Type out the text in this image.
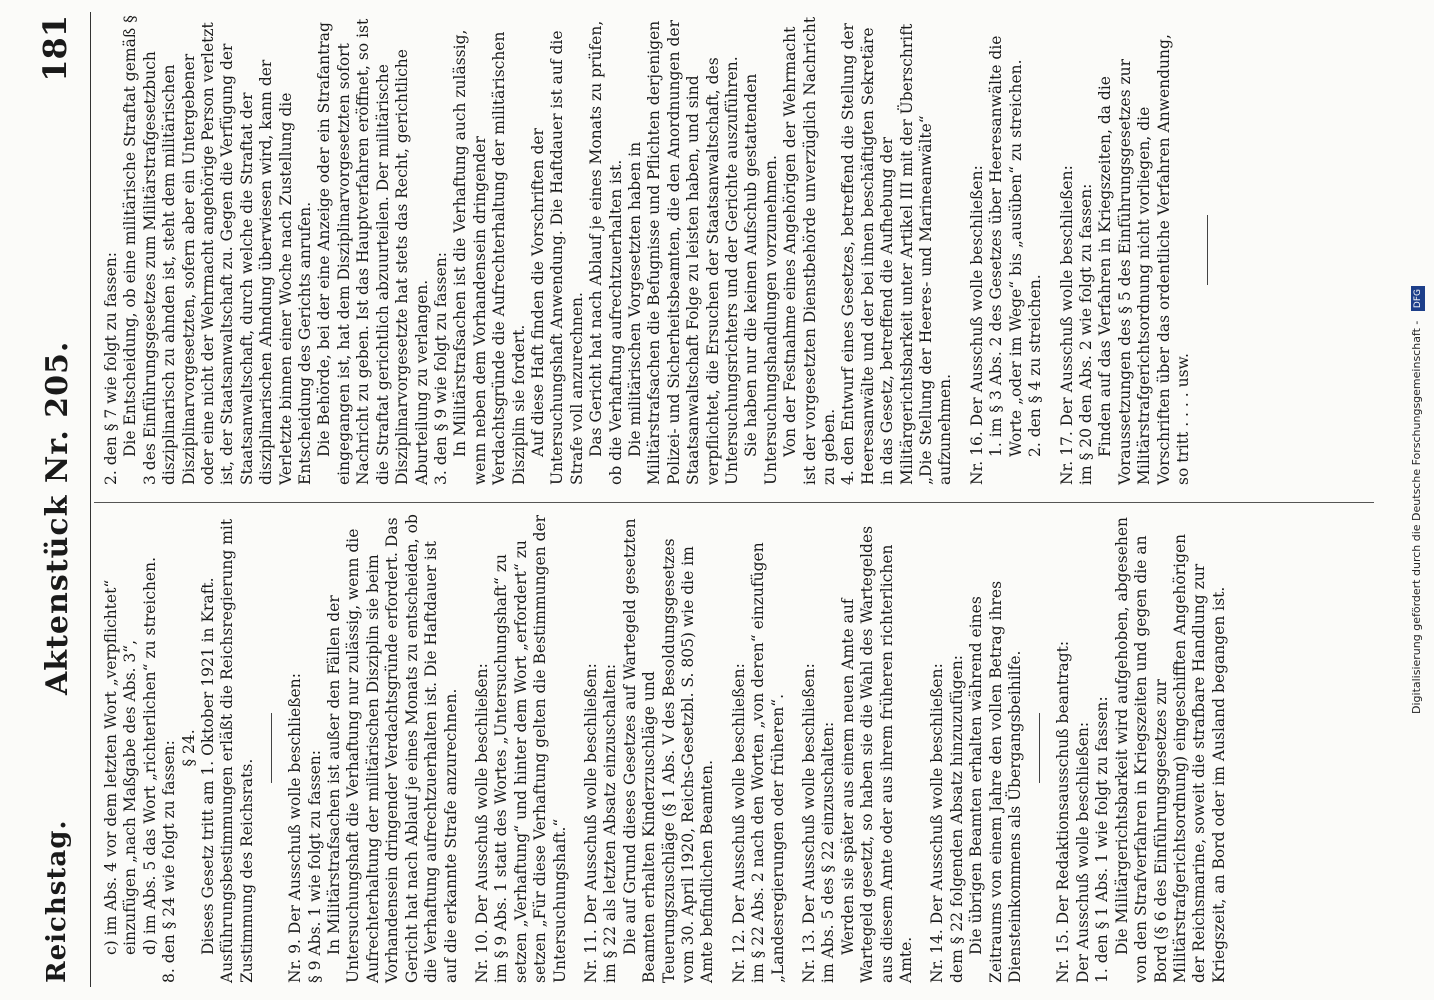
Reichstag.
Aktenstück Nr. 205.
181

c) im Abs. 4 vor dem letzten Wort „verpflichtet“ einzufügen „nach Maßgabe des Abs. 3“, d) im Abs. 5 das Wort „richterlichen“ zu streichen. 8. den § 24 wie folgt zu fassen: § 24. Dieses Gesetz tritt am 1. Oktober 1921 in Kraft. Ausführungsbestimmungen erläßt die Reichsregierung mit Zustimmung des Reichsrats. Nr. 9. Der Ausschuß wolle beschließen: § 9 Abs. 1 wie folgt zu fassen: In Militärstrafsachen ist außer den Fällen der Untersuchungshaft die Verhaftung nur zulässig, wenn die Aufrechterhaltung der militärischen Disziplin sie beim Vorhandensein dringender Verdachtsgründe erfordert. Das Gericht hat nach Ablauf je eines Monats zu entscheiden, ob die Verhaftung aufrechtzuerhalten ist. Die Haftdauer ist auf die erkannte Strafe anzurechnen. Nr. 10. Der Ausschuß wolle beschließen: im § 9 Abs. 1 statt des Wortes „Untersuchungshaft“ zu setzen „Verhaftung“ und hinter dem Wort „erfordert“ zu setzen „Für diese Verhaftung gelten die Bestimmungen der Untersuchungshaft.“ Nr. 11. Der Ausschuß wolle beschließen: im § 22 als letzten Absatz einzuschalten: Die auf Grund dieses Gesetzes auf Wartegeld gesetzten Beamten erhalten Kinderzuschläge und Teuerungszuschläge (§ 1 Abs. V des Besoldungsgesetzes vom 30. April 1920, Reichs-Gesetzbl. S. 805) wie die im Amte befindlichen Beamten. Nr. 12. Der Ausschuß wolle beschließen: im § 22 Abs. 2 nach den Worten „von deren“ einzufügen „Landesregierungen oder früheren“. Nr. 13. Der Ausschuß wolle beschließen: im Abs. 5 des § 22 einzuschalten: Werden sie später aus einem neuen Amte auf Wartegeld gesetzt, so haben sie die Wahl des Wartegeldes aus diesem Amte oder aus ihrem früheren richterlichen Amte. Nr. 14. Der Ausschuß wolle beschließen: dem § 22 folgenden Absatz hinzuzufügen: Die übrigen Beamten erhalten während eines Zeitraums von einem Jahre den vollen Betrag ihres Diensteinkommens als Übergangsbeihilfe. Nr. 15. Der Redaktionsausschuß beantragt: Der Ausschuß wolle beschließen: 1. den § 1 Abs. 1 wie folgt zu fassen: Die Militärgerichtsbarkeit wird aufgehoben, abgesehen von den Strafverfahren in Kriegszeiten und gegen die an Bord (§ 6 des Einführungsgesetzes zur Militärstrafgerichtsordnung) eingeschifften Angehörigen der Reichsmarine, soweit die strafbare Handlung zur Kriegszeit, an Bord oder im Ausland begangen ist.

2. den § 7 wie folgt zu fassen: Die Entscheidung, ob eine militärische Straftat gemäß § 3 des Einführungsgesetzes zum Militärstrafgesetzbuch disziplinarisch zu ahnden ist, steht dem militärischen Disziplinarvorgesetzten, sofern aber ein Untergebener oder eine nicht der Wehrmacht angehörige Person verletzt ist, der Staatsanwaltschaft zu. Gegen die Verfügung der Staatsanwaltschaft, durch welche die Straftat der disziplinarischen Ahndung überwiesen wird, kann der Verletzte binnen einer Woche nach Zustellung die Entscheidung des Gerichts anrufen. Die Behörde, bei der eine Anzeige oder ein Strafantrag eingegangen ist, hat dem Disziplinarvorgesetzten sofort Nachricht zu geben. Ist das Hauptverfahren eröffnet, so ist die Straftat gerichtlich abzuurteilen. Der militärische Disziplinarvorgesetzte hat stets das Recht, gerichtliche Aburteilung zu verlangen. 3. den § 9 wie folgt zu fassen: In Militärstrafsachen ist die Verhaftung auch zulässig, wenn neben dem Vorhandensein dringender Verdachtsgründe die Aufrechterhaltung der militärischen Disziplin sie fordert. Auf diese Haft finden die Vorschriften der Untersuchungshaft Anwendung. Die Haftdauer ist auf die Strafe voll anzurechnen. Das Gericht hat nach Ablauf je eines Monats zu prüfen, ob die Verhaftung aufrechtzuerhalten ist. Die militärischen Vorgesetzten haben in Militärstrafsachen die Befugnisse und Pflichten derjenigen Polizei- und Sicherheitsbeamten, die den Anordnungen der Staatsanwaltschaft Folge zu leisten haben, und sind verpflichtet, die Ersuchen der Staatsanwaltschaft, des Untersuchungsrichters und der Gerichte auszuführen. Sie haben nur die keinen Aufschub gestattenden Untersuchungshandlungen vorzunehmen. Von der Festnahme eines Angehörigen der Wehrmacht ist der vorgesetzten Dienstbehörde unverzüglich Nachricht zu geben. 4. den Entwurf eines Gesetzes, betreffend die Stellung der Heeresanwälte und der bei ihnen beschäftigten Sekretäre in das Gesetz, betreffend die Aufhebung der Militärgerichtsbarkeit unter Artikel III mit der Überschrift „Die Stellung der Heeres- und Marineanwälte“ aufzunehmen. Nr. 16. Der Ausschuß wolle beschließen: 1. im § 3 Abs. 2 des Gesetzes über Heeresanwälte die Worte „oder im Wege“ bis „ausüben“ zu streichen. 2. den § 4 zu streichen. Nr. 17. Der Ausschuß wolle beschließen: im § 20 den Abs. 2 wie folgt zu fassen: Finden auf das Verfahren in Kriegszeiten, da die Voraussetzungen des § 5 des Einführungsgesetzes zur Militärstrafgerichtsordnung nicht vorliegen, die Vorschriften über das ordentliche Verfahren Anwendung, so tritt . . . . usw.	Digitalisierung gefördert durch die Deutsche Forschungsgemeinschaft - DFG
